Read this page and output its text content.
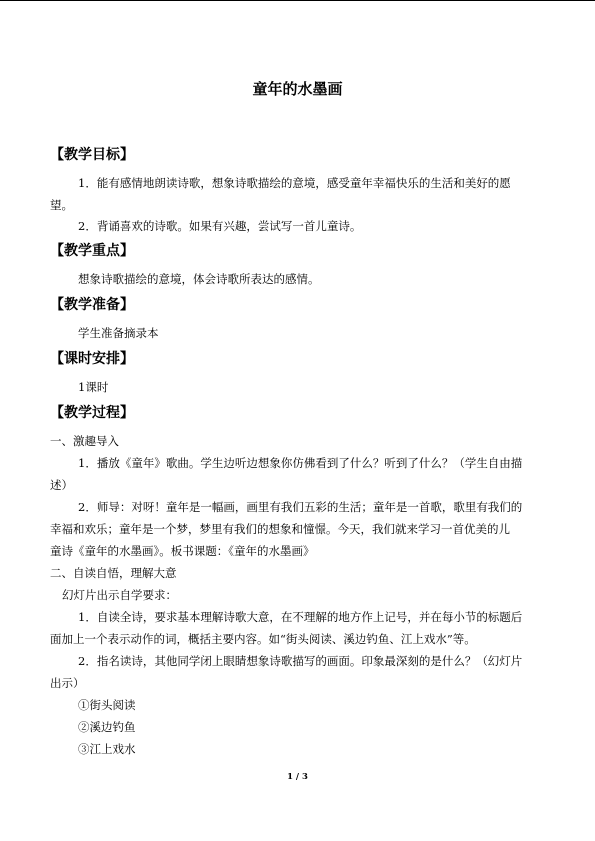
童年的水墨画
【教学目标】
1．能有感情地朗读诗歌，想象诗歌描绘的意境，感受童年幸福快乐的生活和美好的愿
望。
2．背诵喜欢的诗歌。如果有兴趣，尝试写一首儿童诗。
【教学重点】
想象诗歌描绘的意境，体会诗歌所表达的感情。
【教学准备】
学生准备摘录本
【课时安排】
1课时
【教学过程】
一、激趣导入
1．播放《童年》歌曲。学生边听边想象你仿佛看到了什么？听到了什么？（学生自由描
述）
2．师导：对呀！童年是一幅画，画里有我们五彩的生活；童年是一首歌，歌里有我们的
幸福和欢乐；童年是一个梦，梦里有我们的想象和憧憬。今天，我们就来学习一首优美的儿
童诗《童年的水墨画》。板书课题：《童年的水墨画》
二、自读自悟，理解大意
幻灯片出示自学要求：
1．自读全诗，要求基本理解诗歌大意，在不理解的地方作上记号，并在每小节的标题后
面加上一个表示动作的词，概括主要内容。如“街头阅读、溪边钓鱼、江上戏水”等。
2．指名读诗，其他同学闭上眼睛想象诗歌描写的画面。印象最深刻的是什么？（幻灯片
出示）
①街头阅读
②溪边钓鱼
③江上戏水
1 / 3
